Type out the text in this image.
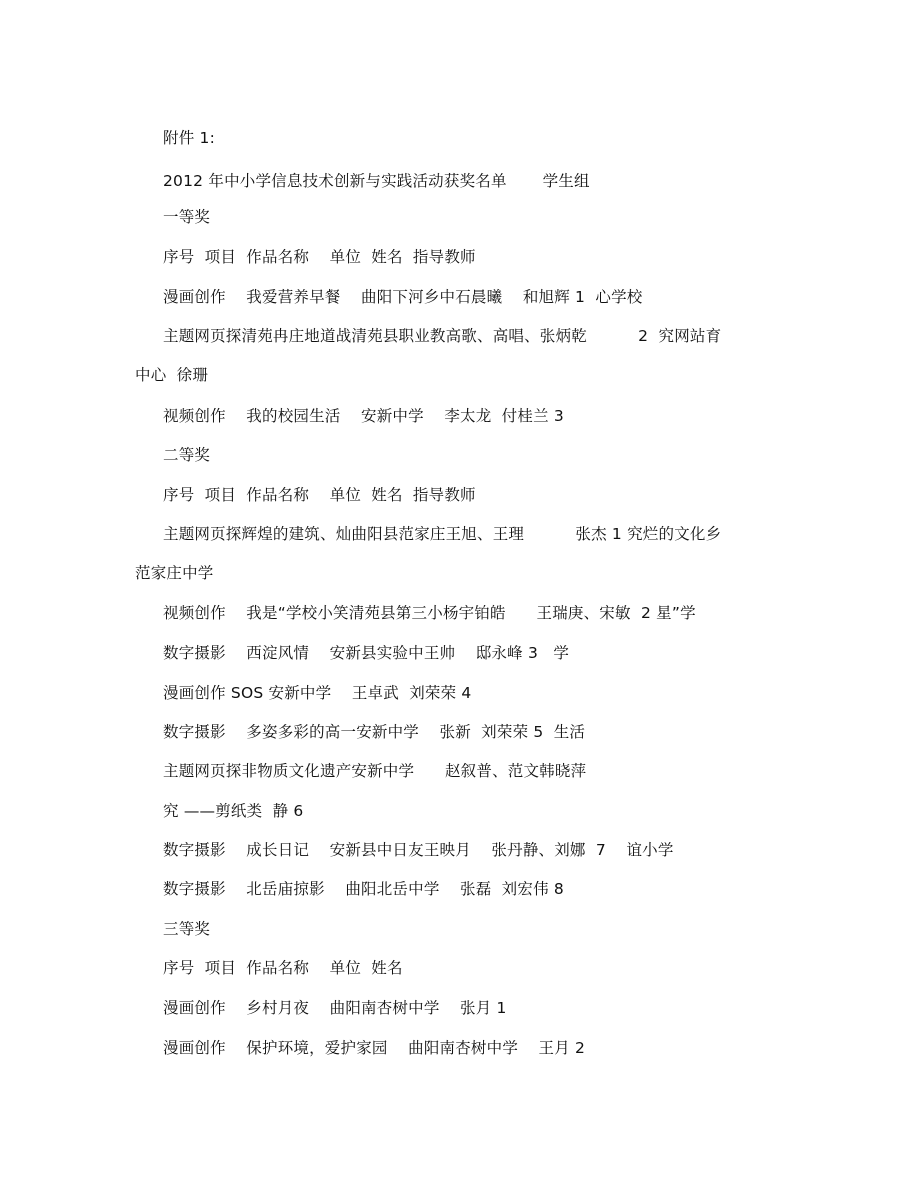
附件 1:
2012 年中小学信息技术创新与实践活动获奖名单       学生组
一等奖
序号  项目  作品名称    单位  姓名  指导教师
漫画创作    我爱营养早餐    曲阳下河乡中石晨曦    和旭辉 1  心学校
主题网页探清苑冉庄地道战清苑县职业教高歌、高唱、张炳乾          2  究网站育
中心  徐珊
视频创作    我的校园生活    安新中学    李太龙  付桂兰 3
二等奖
序号  项目  作品名称    单位  姓名  指导教师
主题网页探辉煌的建筑、灿曲阳县范家庄王旭、王理          张杰 1 究烂的文化乡
范家庄中学
视频创作    我是“学校小笑清苑县第三小杨宇铂皓      王瑞庚、宋敏  2 星”学
数字摄影    西淀风情    安新县实验中王帅    邸永峰 3   学
漫画创作 SOS 安新中学    王卓武  刘荣荣 4
数字摄影    多姿多彩的高一安新中学    张新  刘荣荣 5  生活
主题网页探非物质文化遗产安新中学      赵叙普、范文韩晓萍
究 ——剪纸类  静 6
数字摄影    成长日记    安新县中日友王映月    张丹静、刘娜  7    谊小学
数字摄影    北岳庙掠影    曲阳北岳中学    张磊  刘宏伟 8
三等奖
序号  项目  作品名称    单位  姓名
漫画创作    乡村月夜    曲阳南杏树中学    张月 1
漫画创作    保护环境，爱护家园    曲阳南杏树中学    王月 2
